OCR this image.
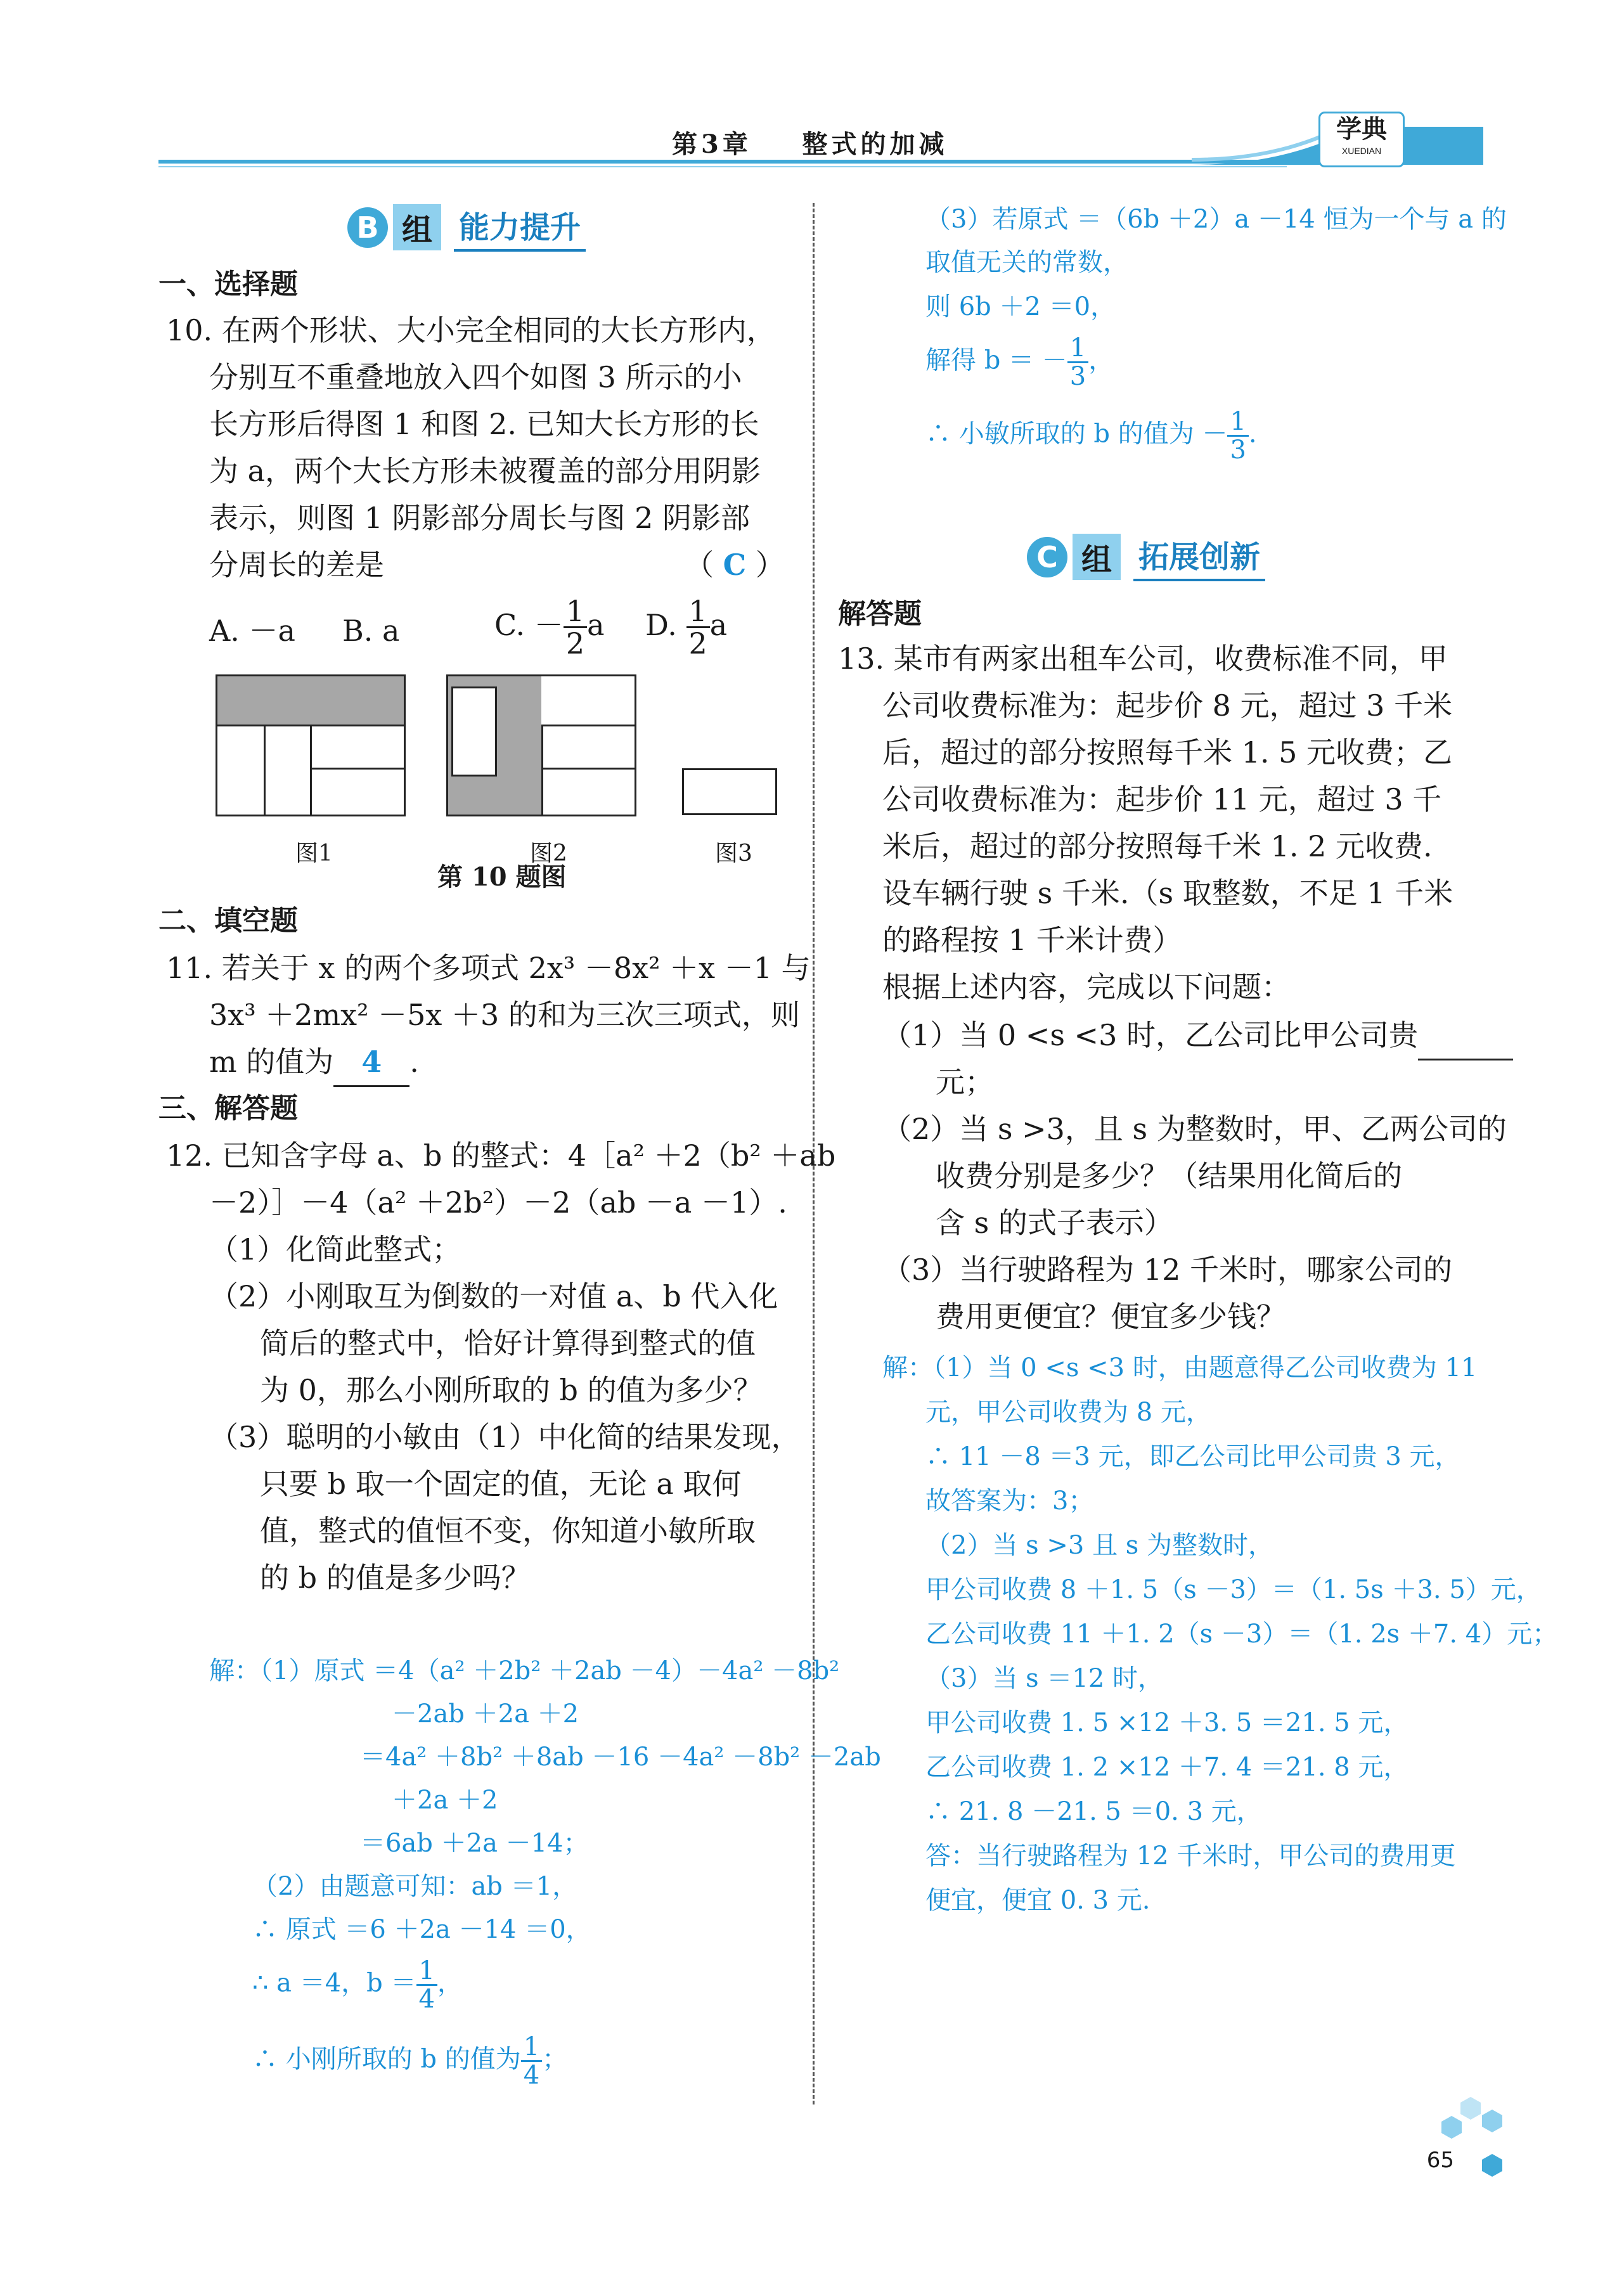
第3章 整式的加减
学典
XUEDIAN
B 组 能力提升
一、选择题
10. 在两个形状、大小完全相同的大长方形内，
分别互不重叠地放入四个如图 3 所示的小
长方形后得图 1 和图 2. 已知大长方形的长
为 a，两个大长方形未被覆盖的部分用阴影
表示，则图 1 阴影部分周长与图 2 阴影部
分周长的差是	（ C ）
A. －a B. a	C. － $\frac{1}{2}$ a D. $\frac{1}{2}$ a
图1	图2	图3
第 10 题图
二、填空题
11. 若关于 x 的两个多项式 2x³ －8x² ＋x －1 与
3x³ ＋2mx² －5x ＋3 的和为三次三项式，则
m 的值为 4 .
三、解答题
12. 已知含字母 a、b 的整式：4［a² ＋2（b² ＋ab
－2）］－4（a² ＋2b²）－2（ab －a －1）.
（1）化简此整式；
（2）小刚取互为倒数的一对值 a、b 代入化
简后的整式中，恰好计算得到整式的值
为 0，那么小刚所取的 b 的值为多少？
（3）聪明的小敏由（1）中化简的结果发现，
只要 b 取一个固定的值，无论 a 取何
值，整式的值恒不变，你知道小敏所取
的 b 的值是多少吗？
解：（1）原式 ＝4（a² ＋2b² ＋2ab －4）－4a² －8b²
－2ab ＋2a ＋2
＝4a² ＋8b² ＋8ab －16 －4a² －8b² －2ab
＋2a ＋2
＝6ab ＋2a －14；
（2）由题意可知：ab ＝1，
∴ 原式 ＝6 ＋2a －14 ＝0，
∴ a ＝4，$b = \frac{1}{4}$ ，
∴ 小刚所取的 b 的值为 $\frac{1}{4}$ ；
（3）若原式 ＝（6b ＋2）a －14 恒为一个与 a 的
取值无关的常数，
则 6b ＋2 ＝0，
解得 b ＝ － $\frac{1}{3}$ ，
∴ 小敏所取的 b 的值为 － $\frac{1}{3}$ .
C 组 拓展创新
解答题
13. 某市有两家出租车公司，收费标准不同，甲
公司收费标准为：起步价 8 元，超过 3 千米
后，超过的部分按照每千米 1. 5 元收费；乙
公司收费标准为：起步价 11 元，超过 3 千
米后，超过的部分按照每千米 1. 2 元收费.
设车辆行驶 s 千米.（s 取整数，不足 1 千米
的路程按 1 千米计费）
根据上述内容，完成以下问题：
（1）当 0 <s <3 时，乙公司比甲公司贵
元；
（2）当 s >3，且 s 为整数时，甲、乙两公司的
收费分别是多少？（结果用化简后的
含 s 的式子表示）
（3）当行驶路程为 12 千米时，哪家公司的
费用更便宜？便宜多少钱？
解：（1）当 0 <s <3 时，由题意得乙公司收费为 11
元，甲公司收费为 8 元，
∴ 11 －8 ＝3 元，即乙公司比甲公司贵 3 元，
故答案为：3；
（2）当 s >3 且 s 为整数时，
甲公司收费 8 ＋1. 5（s －3）＝（1. 5s ＋3. 5）元，
乙公司收费 11 ＋1. 2（s －3）＝（1. 2s ＋7. 4）元；
（3）当 s ＝12 时，
甲公司收费 1. 5 ×12 ＋3. 5 ＝21. 5 元，
乙公司收费 1. 2 ×12 ＋7. 4 ＝21. 8 元，
∴ 21. 8 －21. 5 ＝0. 3 元，
答：当行驶路程为 12 千米时，甲公司的费用更
便宜，便宜 0. 3 元.
65
